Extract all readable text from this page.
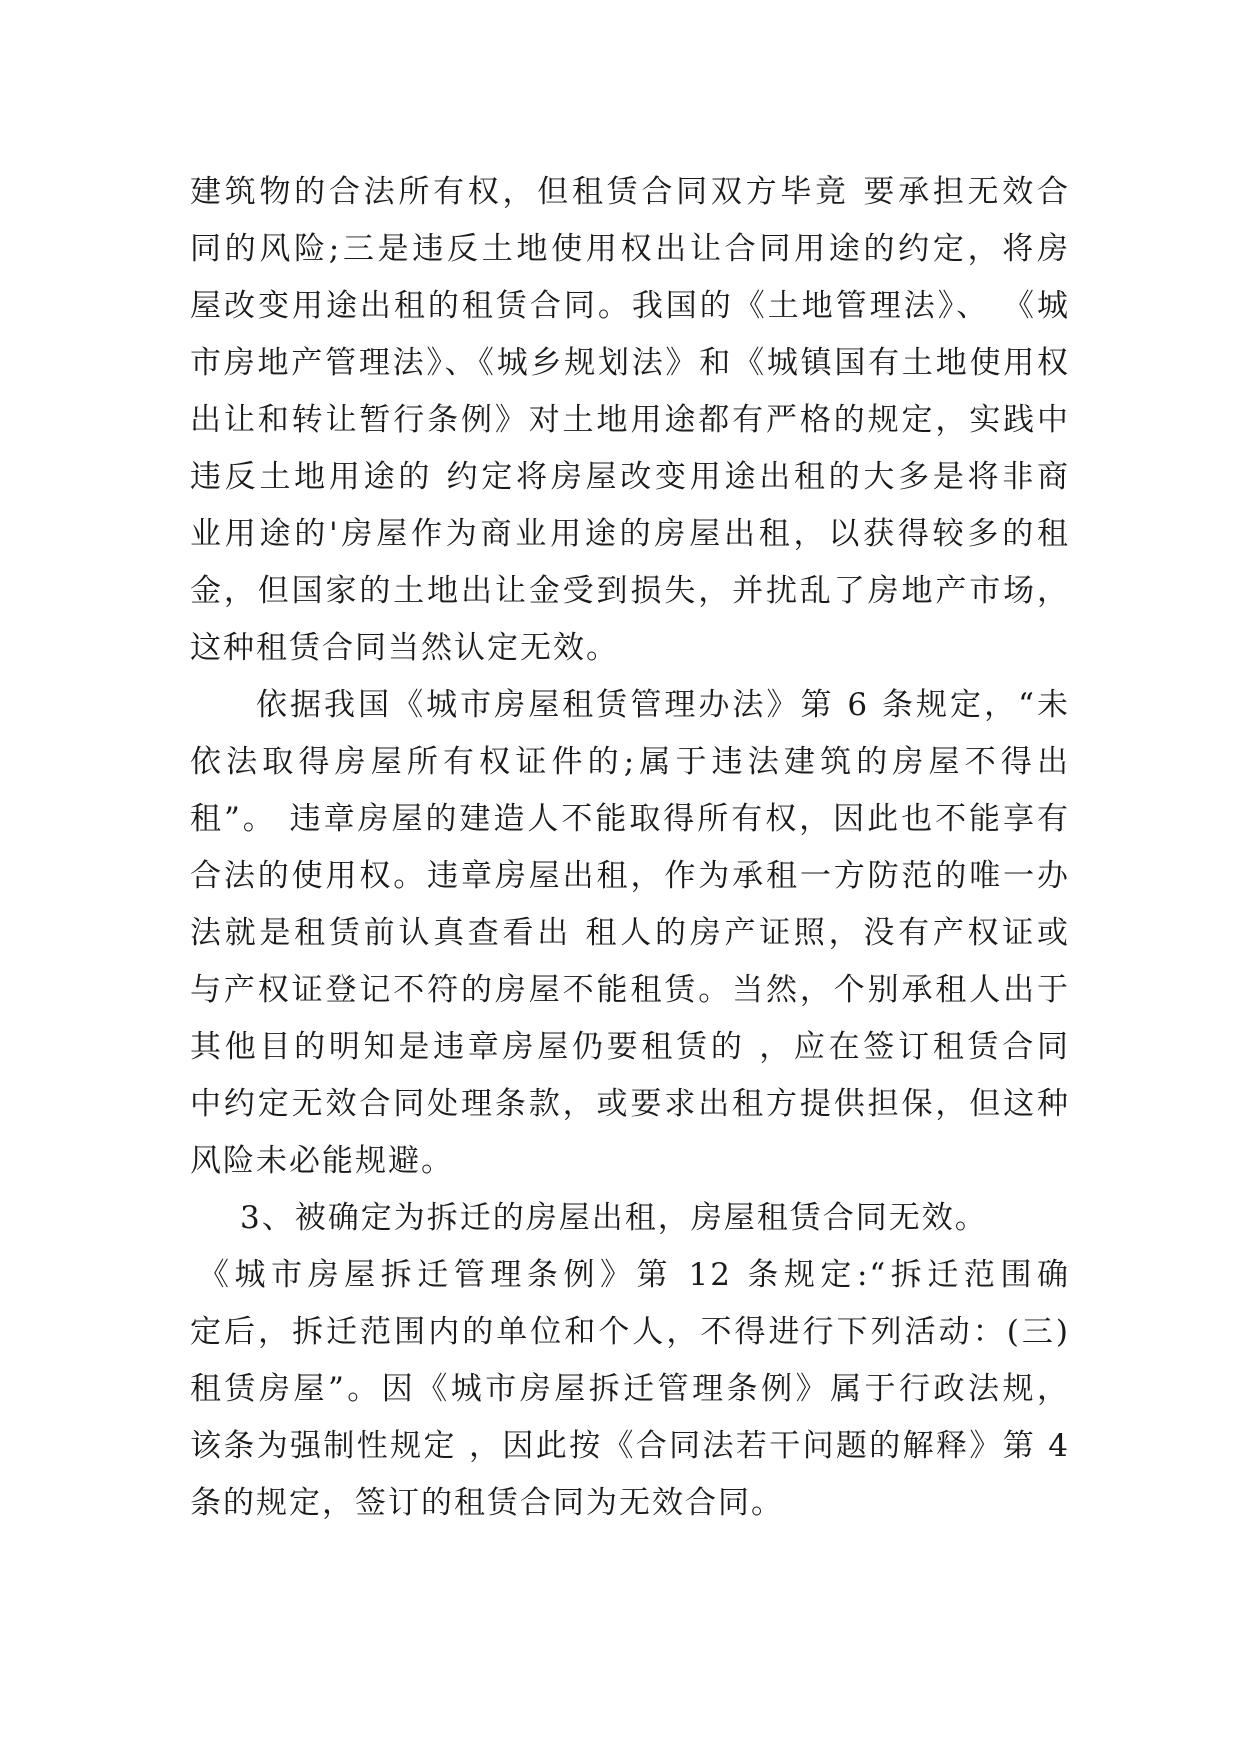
建筑物的合法所有权，但租赁合同双方毕竟 要承担无效合
同的风险;三是违反土地使用权出让合同用途的约定，将房
屋改变用途出租的租赁合同。我国的《土地管理法》、 《城
市房地产管理法》、《城乡规划法》和《城镇国有土地使用权
出让和转让暂行条例》对土地用途都有严格的规定，实践中
违反土地用途的 约定将房屋改变用途出租的大多是将非商
业用途的'房屋作为商业用途的房屋出租，以获得较多的租
金，但国家的土地出让金受到损失，并扰乱了房地产市场，
这种租赁合同当然认定无效。
依据我国《城市房屋租赁管理办法》第 6 条规定，“未
依法取得房屋所有权证件的;属于违法建筑的房屋不得出
租”。 违章房屋的建造人不能取得所有权，因此也不能享有
合法的使用权。违章房屋出租，作为承租一方防范的唯一办
法就是租赁前认真查看出 租人的房产证照，没有产权证或
与产权证登记不符的房屋不能租赁。当然，个别承租人出于
其他目的明知是违章房屋仍要租赁的 ，应在签订租赁合同
中约定无效合同处理条款，或要求出租方提供担保，但这种
风险未必能规避。
3、被确定为拆迁的房屋出租，房屋租赁合同无效。
《城市房屋拆迁管理条例》第 12 条规定:“拆迁范围确
定后，拆迁范围内的单位和个人，不得进行下列活动：(三)
租赁房屋”。因《城市房屋拆迁管理条例》属于行政法规，
该条为强制性规定 ，因此按《合同法若干问题的解释》第 4
条的规定，签订的租赁合同为无效合同。
